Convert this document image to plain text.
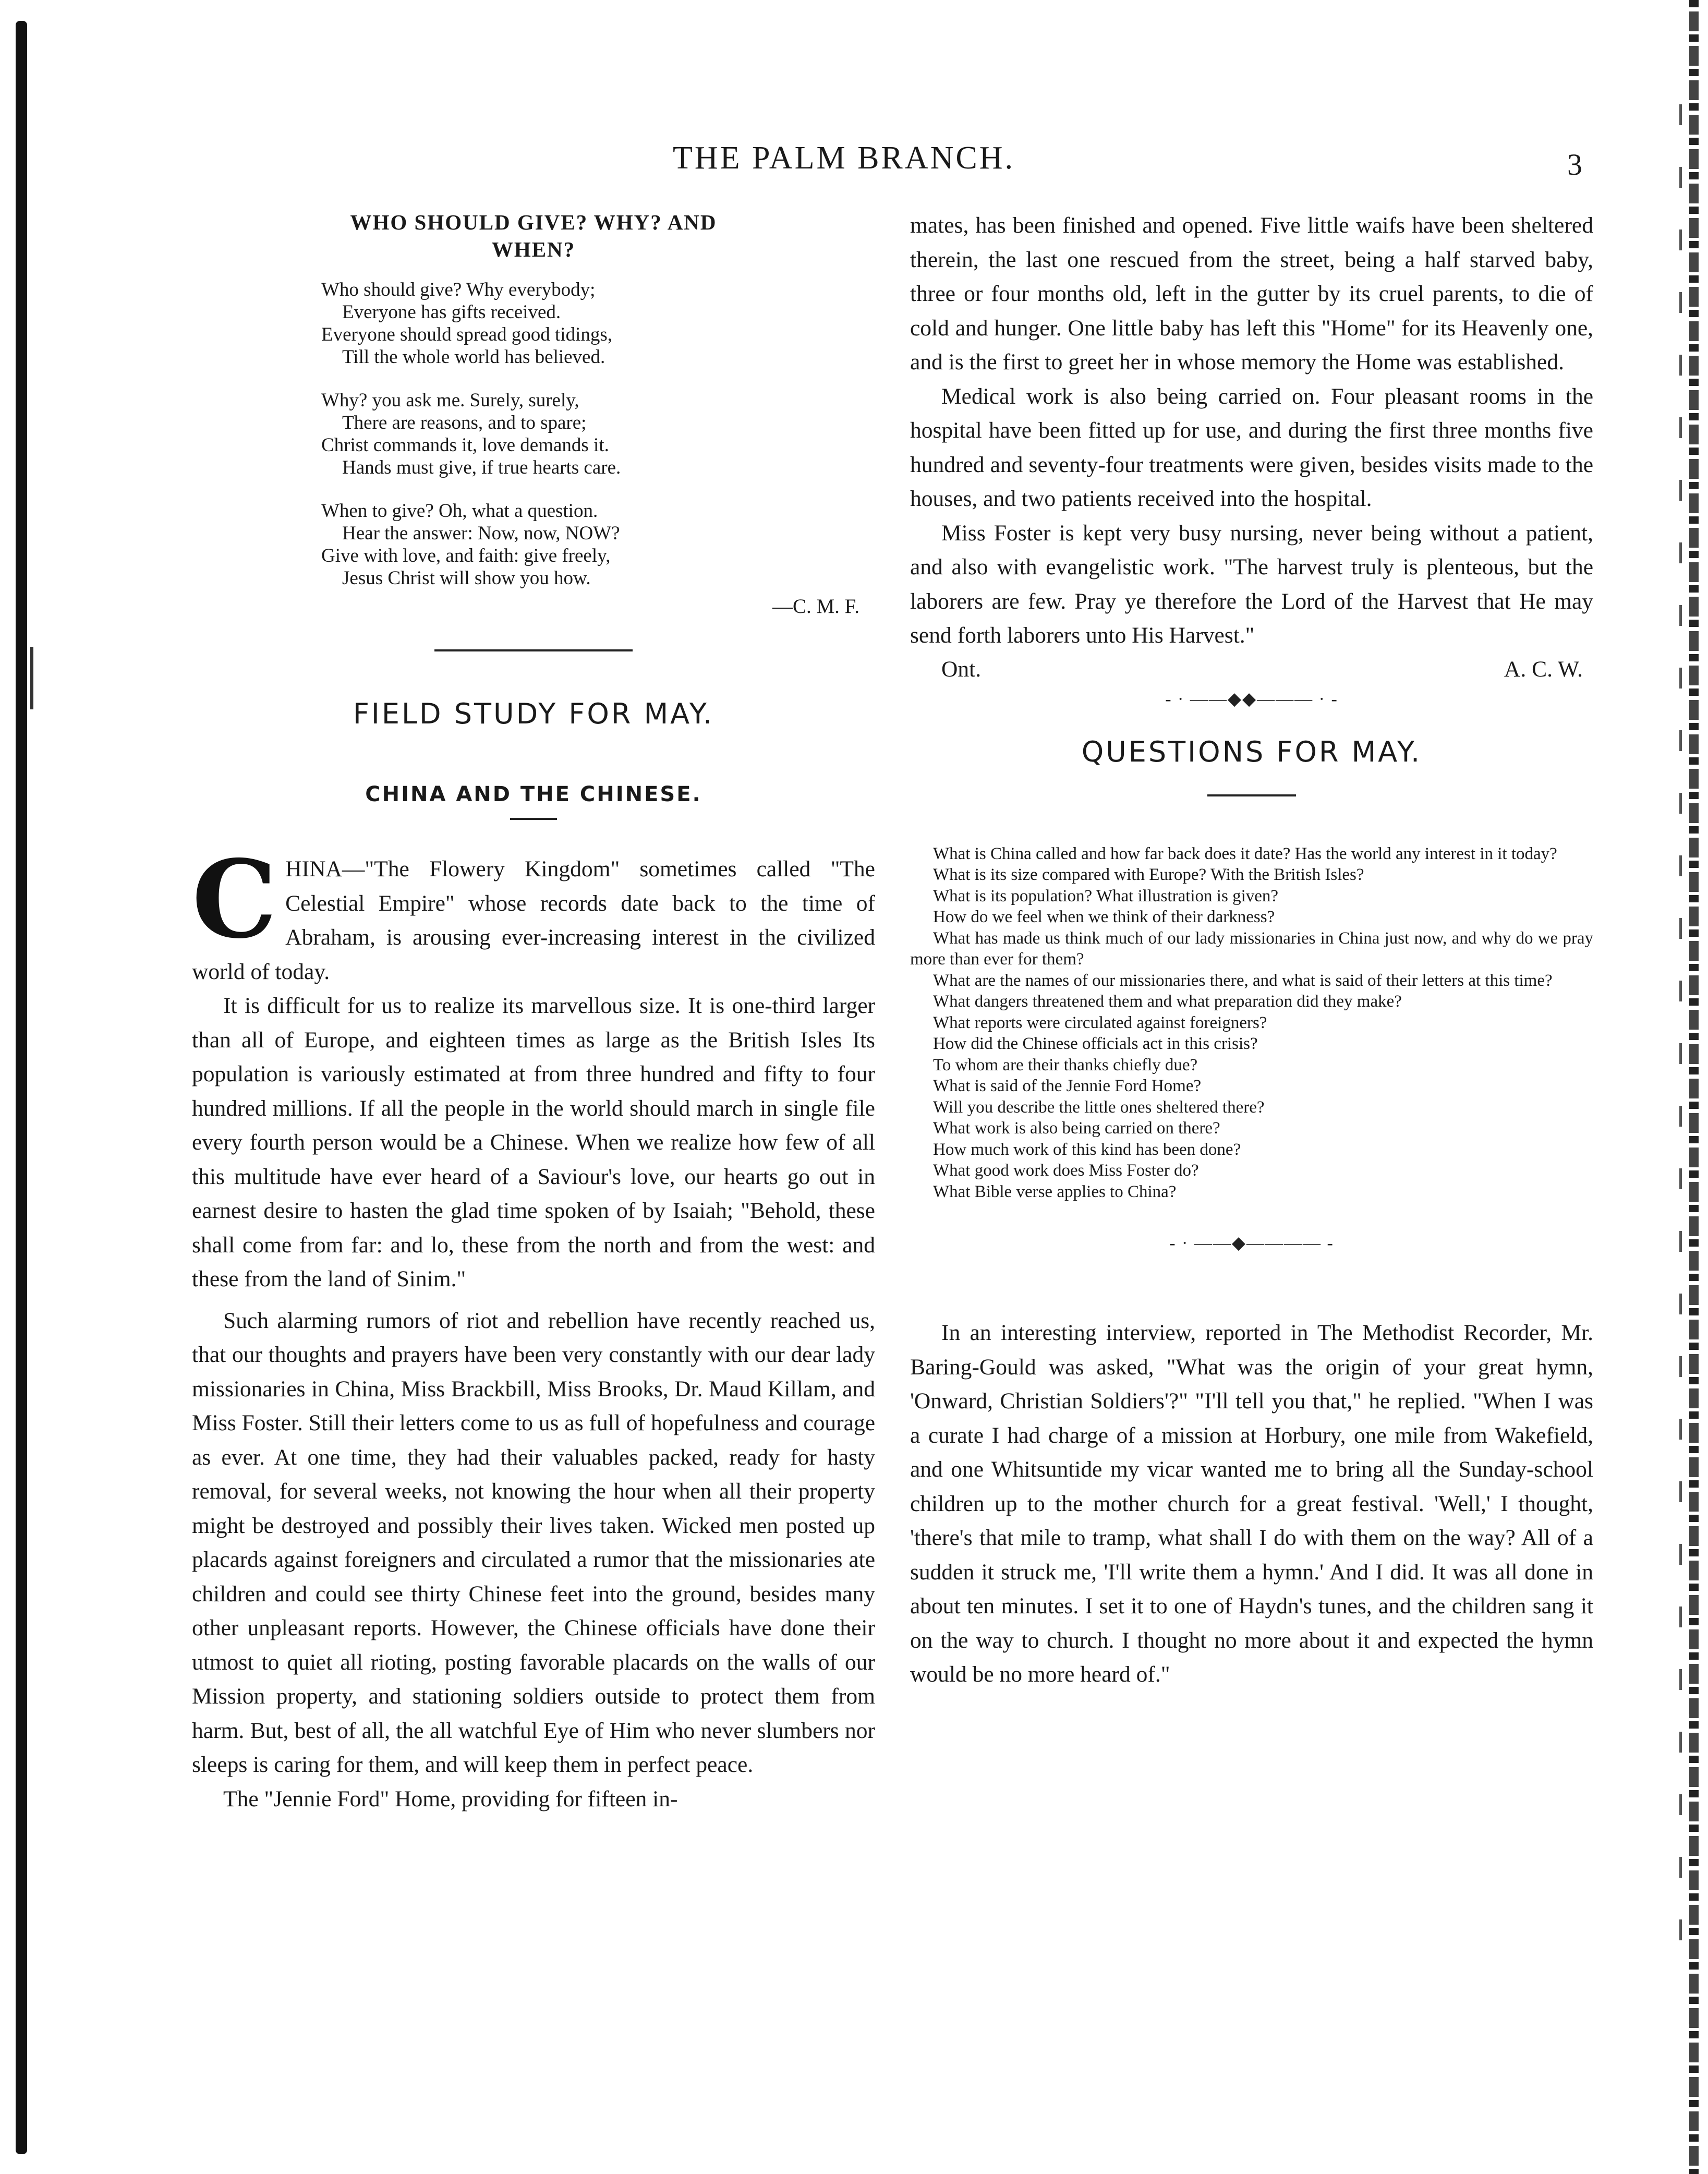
THE PALM BRANCH.	3
WHO SHOULD GIVE? WHY? AND
WHEN?
Who should give? Why everybody;
Everyone has gifts received.
Everyone should spread good tidings,
Till the whole world has believed.
Why? you ask me. Surely, surely,
There are reasons, and to spare;
Christ commands it, love demands it.
Hands must give, if true hearts care.
When to give? Oh, what a question.
Hear the answer: Now, now, NOW?
Give with love, and faith: give freely,
Jesus Christ will show you how.
—C. M. F.
FIELD STUDY FOR MAY.
CHINA AND THE CHINESE.

CHINA—"The Flowery Kingdom" sometimes called "The Celestial Empire" whose records date back to the time of Abraham, is arousing ever-increasing interest in the civilized world of today.

It is difficult for us to realize its marvellous size. It is one-third larger than all of Europe, and eighteen times as large as the British Isles Its population is variously estimated at from three hundred and fifty to four hundred millions. If all the people in the world should march in single file every fourth person would be a Chinese. When we realize how few of all this multitude have ever heard of a Saviour's love, our hearts go out in earnest desire to hasten the glad time spoken of by Isaiah; "Behold, these shall come from far: and lo, these from the north and from the west: and these from the land of Sinim."

Such alarming rumors of riot and rebellion have recently reached us, that our thoughts and prayers have been very constantly with our dear lady missionaries in China, Miss Brackbill, Miss Brooks, Dr. Maud Killam, and Miss Foster. Still their letters come to us as full of hopefulness and courage as ever. At one time, they had their valuables packed, ready for hasty removal, for several weeks, not knowing the hour when all their property might be destroyed and possibly their lives taken. Wicked men posted up placards against foreigners and circulated a rumor that the missionaries ate children and could see thirty Chinese feet into the ground, besides many other unpleasant reports. However, the Chinese officials have done their utmost to quiet all rioting, posting favorable placards on the walls of our Mission property, and stationing soldiers outside to protect them from harm. But, best of all, the all watchful Eye of Him who never slumbers nor sleeps is caring for them, and will keep them in perfect peace.

The "Jennie Ford" Home, providing for fifteen in-

mates, has been finished and opened. Five little waifs have been sheltered therein, the last one rescued from the street, being a half starved baby, three or four months old, left in the gutter by its cruel parents, to die of cold and hunger. One little baby has left this "Home" for its Heavenly one, and is the first to greet her in whose memory the Home was established.

Medical work is also being carried on. Four pleasant rooms in the hospital have been fitted up for use, and during the first three months five hundred and seventy-four treatments were given, besides visits made to the houses, and two patients received into the hospital.

Miss Foster is kept very busy nursing, never being without a patient, and also with evangelistic work. "The harvest truly is plenteous, but the laborers are few. Pray ye therefore the Lord of the Harvest that He may send forth laborers unto His Harvest."

Ont.	A. C. W.
- · ——◆◆——— · -
QUESTIONS FOR MAY.
What is China called and how far back does it date? Has the world any interest in it today?
What is its size compared with Europe? With the British Isles?
What is its population? What illustration is given?
How do we feel when we think of their darkness?
What has made us think much of our lady missionaries in China just now, and why do we pray more than ever for them?
What are the names of our missionaries there, and what is said of their letters at this time?
What dangers threatened them and what preparation did they make?
What reports were circulated against foreigners?
How did the Chinese officials act in this crisis?
To whom are their thanks chiefly due?
What is said of the Jennie Ford Home?
Will you describe the little ones sheltered there?
What work is also being carried on there?
How much work of this kind has been done?
What good work does Miss Foster do?
What Bible verse applies to China?
- · ——◆———— -

In an interesting interview, reported in The Methodist Recorder, Mr. Baring-Gould was asked, "What was the origin of your great hymn, 'Onward, Christian Soldiers'?" "I'll tell you that," he replied. "When I was a curate I had charge of a mission at Horbury, one mile from Wakefield, and one Whitsuntide my vicar wanted me to bring all the Sunday-school children up to the mother church for a great festival. 'Well,' I thought, 'there's that mile to tramp, what shall I do with them on the way? All of a sudden it struck me, 'I'll write them a hymn.' And I did. It was all done in about ten minutes. I set it to one of Haydn's tunes, and the children sang it on the way to church. I thought no more about it and expected the hymn would be no more heard of."
